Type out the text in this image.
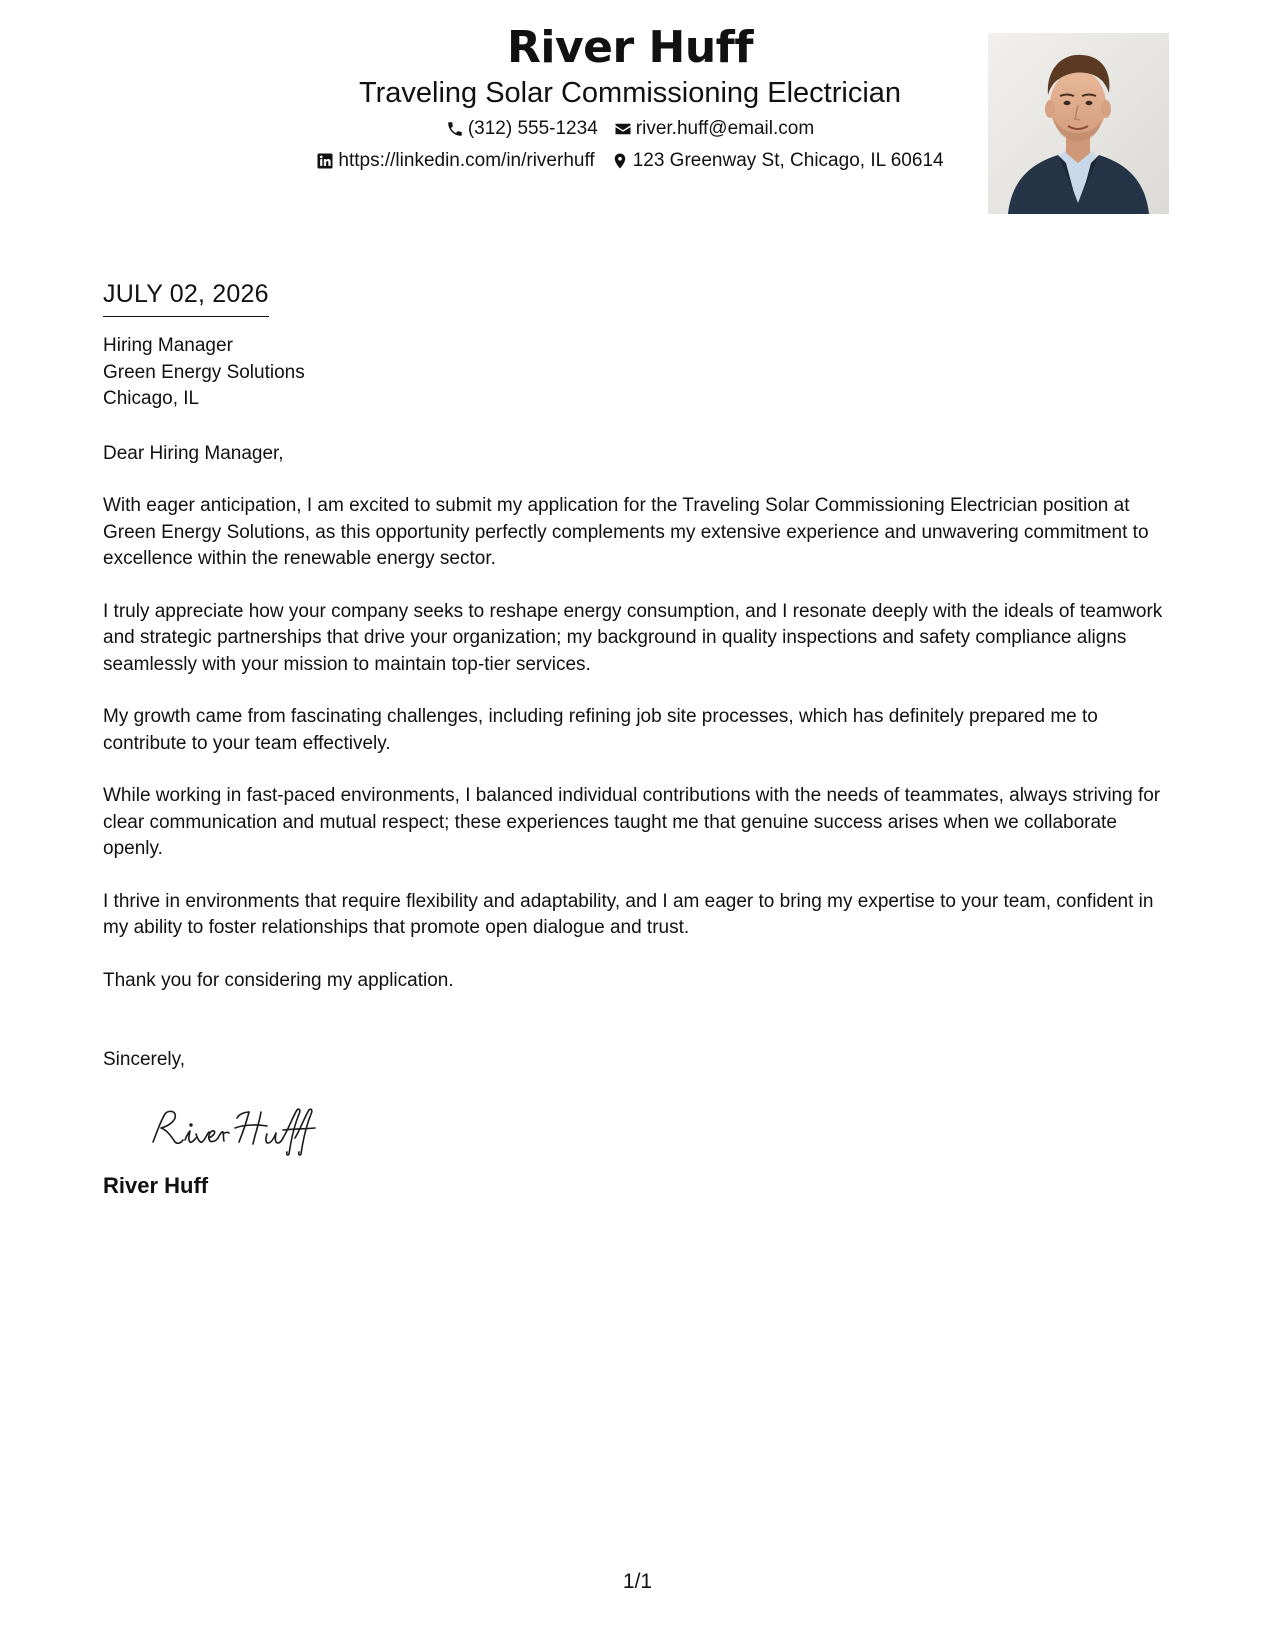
River Huff
Traveling Solar Commissioning Electrician
(312) 555-1234 river.huff@email.com
https://linkedin.com/in/riverhuff 123 Greenway St, Chicago, IL 60614
JULY 02, 2026
Hiring Manager
Green Energy Solutions
Chicago, IL
Dear Hiring Manager,
With eager anticipation, I am excited to submit my application for the Traveling Solar Commissioning Electrician position at Green Energy Solutions, as this opportunity perfectly complements my extensive experience and unwavering commitment to excellence within the renewable energy sector.
I truly appreciate how your company seeks to reshape energy consumption, and I resonate deeply with the ideals of teamwork and strategic partnerships that drive your organization; my background in quality inspections and safety compliance aligns seamlessly with your mission to maintain top-tier services.
My growth came from fascinating challenges, including refining job site processes, which has definitely prepared me to contribute to your team effectively.
While working in fast-paced environments, I balanced individual contributions with the needs of teammates, always striving for clear communication and mutual respect; these experiences taught me that genuine success arises when we collaborate openly.
I thrive in environments that require flexibility and adaptability, and I am eager to bring my expertise to your team, confident in my ability to foster relationships that promote open dialogue and trust.
Thank you for considering my application.
Sincerely,
River Huff
1/1
